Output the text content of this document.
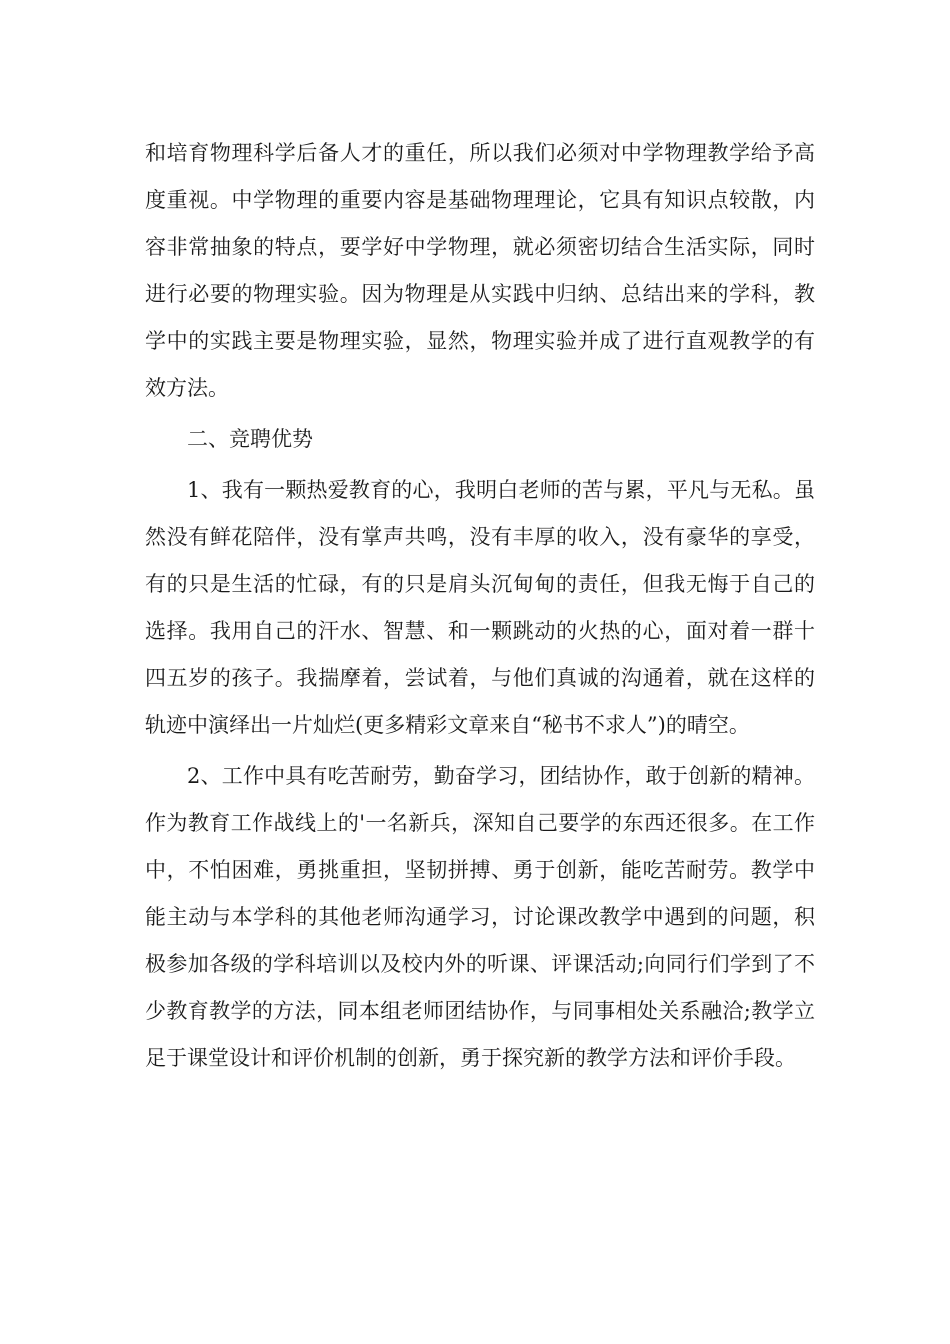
和培育物理科学后备人才的重任，所以我们必须对中学物理教学给予高度重视。中学物理的重要内容是基础物理理论，它具有知识点较散，内容非常抽象的特点，要学好中学物理，就必须密切结合生活实际，同时进行必要的物理实验。因为物理是从实践中归纳、总结出来的学科，教学中的实践主要是物理实验，显然，物理实验并成了进行直观教学的有效方法。

二、竞聘优势

1、我有一颗热爱教育的心，我明白老师的苦与累，平凡与无私。虽然没有鲜花陪伴，没有掌声共鸣，没有丰厚的收入，没有豪华的享受，有的只是生活的忙碌，有的只是肩头沉甸甸的责任，但我无悔于自己的选择。我用自己的汗水、智慧、和一颗跳动的火热的心，面对着一群十四五岁的孩子。我揣摩着，尝试着，与他们真诚的沟通着，就在这样的轨迹中演绎出一片灿烂(更多精彩文章来自“秘书不求人”)的晴空。

2、工作中具有吃苦耐劳，勤奋学习，团结协作，敢于创新的精神。作为教育工作战线上的'一名新兵，深知自己要学的东西还很多。在工作中，不怕困难，勇挑重担，坚韧拼搏、勇于创新，能吃苦耐劳。教学中能主动与本学科的其他老师沟通学习，讨论课改教学中遇到的问题，积极参加各级的学科培训以及校内外的听课、评课活动;向同行们学到了不少教育教学的方法，同本组老师团结协作，与同事相处关系融洽;教学立足于课堂设计和评价机制的创新，勇于探究新的教学方法和评价手段。
